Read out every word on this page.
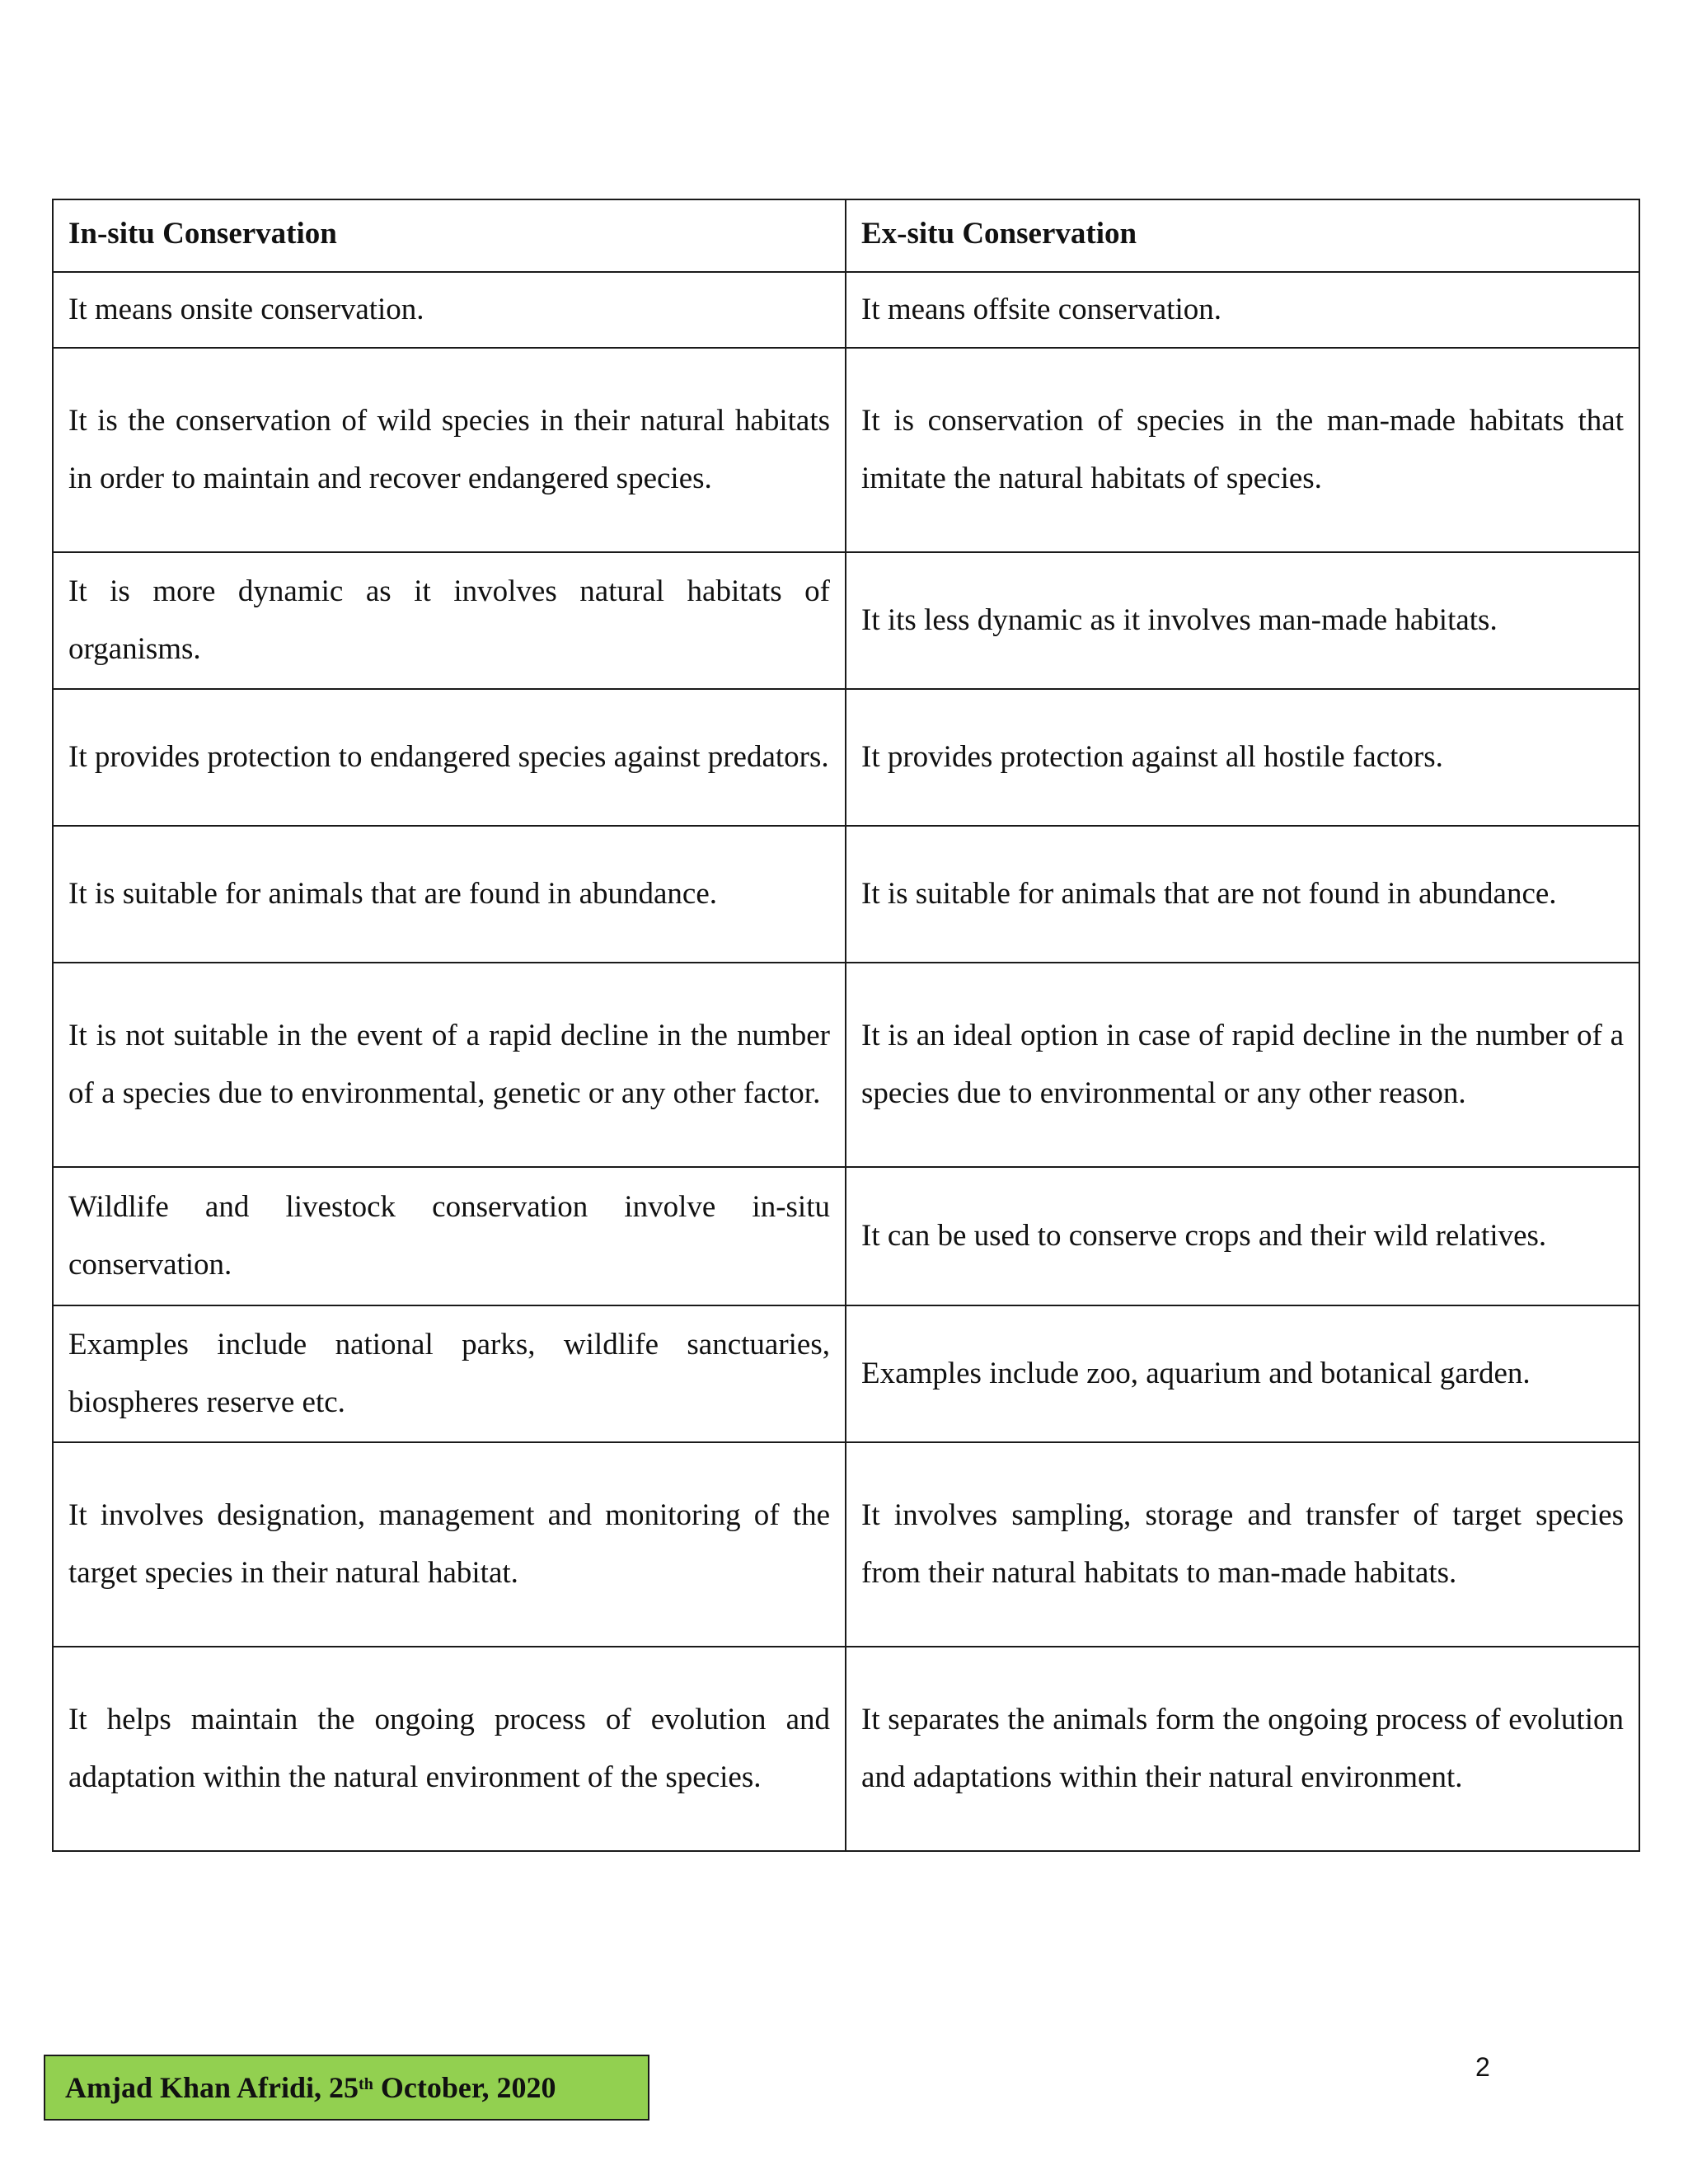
In-situ Conservation	Ex-situ Conservation
It means onsite conservation.	It means offsite conservation.
It is the conservation of wild species in their natural habitats in order to maintain and recover endangered species.	It is conservation of species in the man-made habitats that imitate the natural habitats of species.
It is more dynamic as it involves natural habitats of organisms.	It its less dynamic as it involves man-made habitats.
It provides protection to endangered species against predators.	It provides protection against all hostile factors.
It is suitable for animals that are found in abundance.	It is suitable for animals that are not found in abundance.
It is not suitable in the event of a rapid decline in the number of a species due to environmental, genetic or any other factor.	It is an ideal option in case of rapid decline in the number of a species due to environmental or any other reason.
Wildlife and livestock conservation involve in-situ conservation.	It can be used to conserve crops and their wild relatives.
Examples include national parks, wildlife sanctuaries, biospheres reserve etc.	Examples include zoo, aquarium and botanical garden.
It involves designation, management and monitoring of the target species in their natural habitat.	It involves sampling, storage and transfer of target species from their natural habitats to man-made habitats.
It helps maintain the ongoing process of evolution and adaptation within the natural environment of the species.	It separates the animals form the ongoing process of evolution and adaptations within their natural environment.
Amjad Khan Afridi, 25th October, 2020
2
